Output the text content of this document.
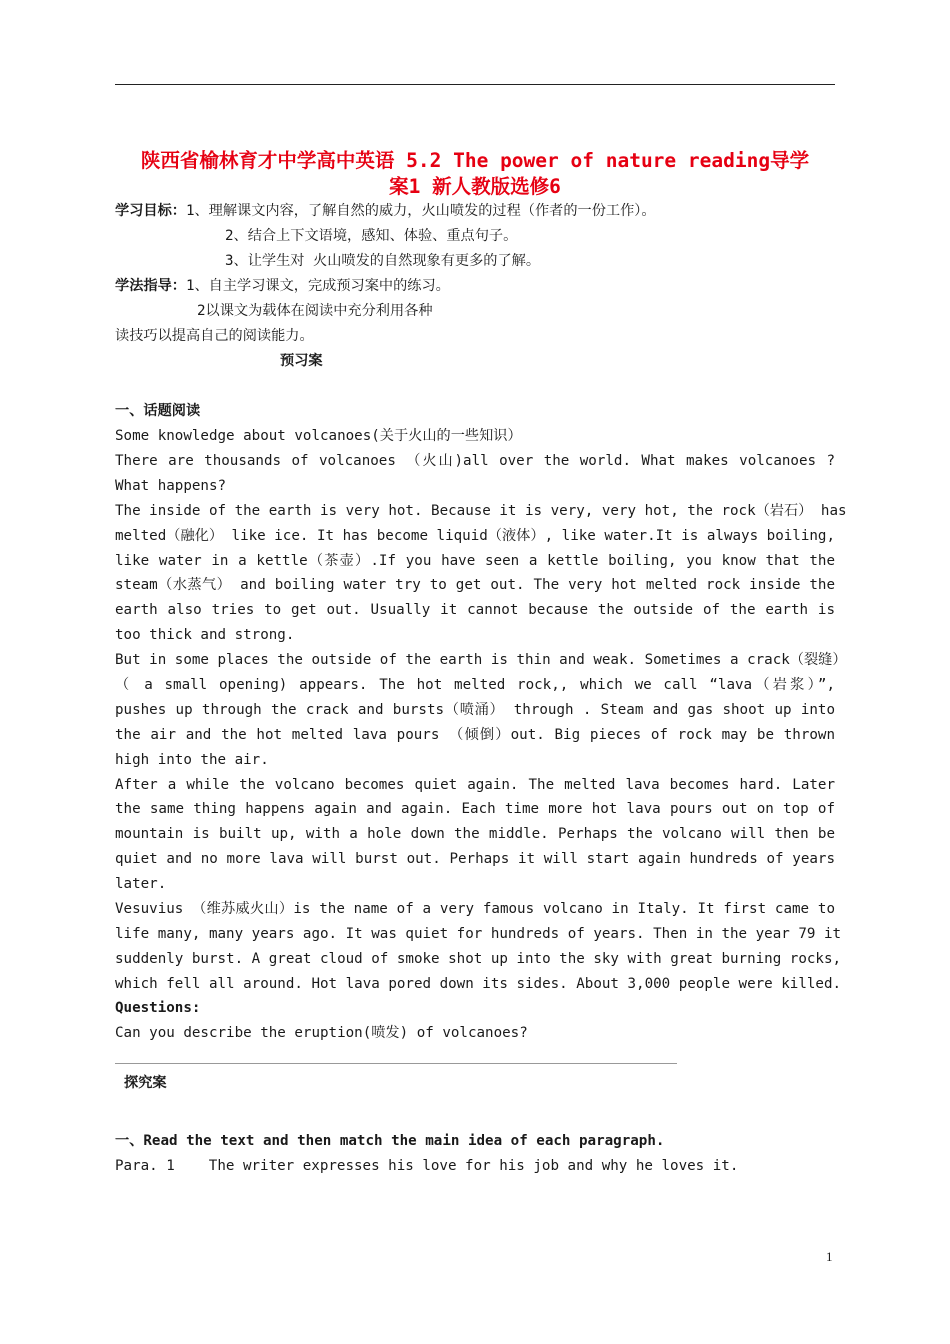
陕西省榆林育才中学高中英语 5.2 The power of nature reading导学
案1 新人教版选修6
学习目标：1、理解课文内容，了解自然的威力，火山喷发的过程（作者的一份工作）。
2、结合上下文语境，感知、体验、重点句子。
3、让学生对 火山喷发的自然现象有更多的了解。
学法指导：1、自主学习课文，完成预习案中的练习。
2以课文为载体在阅读中充分利用各种
读技巧以提高自己的阅读能力。
预习案
一、话题阅读
Some knowledge about volcanoes(关于火山的一些知识）
There are thousands of volcanoes （火山)all over the world. What makes volcanoes ?
What happens?
The inside of the earth is very hot. Because it is very, very hot, the rock（岩石） has
melted（融化） like ice. It has become liquid（液体）, like water.It is always boiling,
like water in a kettle（茶壶）.If you have seen a kettle boiling, you know that the
steam（水蒸气） and boiling water try to get out. The very hot melted rock inside the
earth also tries to get out. Usually it cannot because the outside of the earth is
too thick and strong.
But in some places the outside of the earth is thin and weak. Sometimes a crack（裂缝）
（ a small opening) appears. The hot melted rock,, which we call “lava（岩浆）”,
pushes up through the crack and bursts（喷涌） through . Steam and gas shoot up into
the air and the hot melted lava pours （倾倒）out. Big pieces of rock may be thrown
high into the air.
After a while the volcano becomes quiet again. The melted lava becomes hard. Later
the same thing happens again and again. Each time more hot lava pours out on top of
mountain is built up, with a hole down the middle. Perhaps the volcano will then be
quiet and no more lava will burst out. Perhaps it will start again hundreds of years
later.
Vesuvius （维苏威火山）is the name of a very famous volcano in Italy. It first came to
life many, many years ago. It was quiet for hundreds of years. Then in the year 79 it
suddenly burst. A great cloud of smoke shot up into the sky with great burning rocks,
which fell all around. Hot lava pored down its sides. About 3,000 people were killed.
Questions:
Can you describe the eruption(喷发) of volcanoes?
探究案
一、Read the text and then match the main idea of each paragraph.
Para. 1 The writer expresses his love for his job and why he loves it.
1
